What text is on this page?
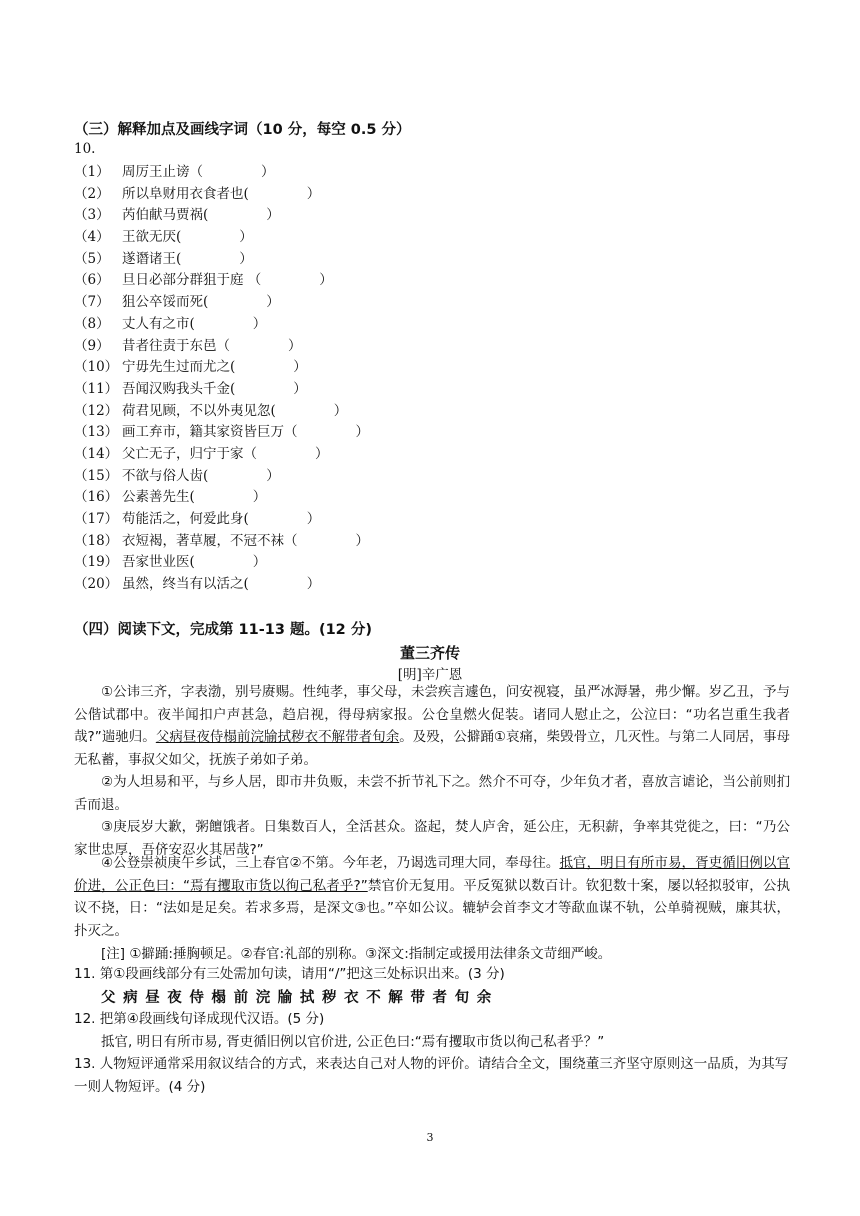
（三）解释加点及画线字词（10 分，每空 0.5 分）
10.
（1） 周厉王止谤（	）
（2） 所以阜财用衣食者也(	）
（3） 芮伯献马贾祸(	）
（4） 王欲无厌(	）
（5） 遂谮诸王(	）
（6） 旦日必部分群狙于庭 （	）
（7） 狙公卒馁而死(	）
（8） 丈人有之市(	）
（9） 昔者往责于东邑（	）
（10） 宁毋先生过而尤之(	）
（11） 吾闻汉购我头千金(	）
（12） 荷君见顾，不以外夷见忽(	）
（13） 画工弃市，籍其家资皆巨万（	）
（14） 父亡无子，归宁于家（	）
（15） 不欲与俗人齿(	）
（16） 公素善先生(	）
（17） 苟能活之，何爱此身(	）
（18） 衣短褐，著草履，不冠不袜（	）
（19） 吾家世业医(	）
（20） 虽然，终当有以活之(	）
（四）阅读下文，完成第 11-13 题。(12 分)
董三齐传
[明]辛广恩
①公讳三齐，字表渤，别号赓赐。性纯孝，事父母，未尝疾言遽色，问安视寝，虽严冰溽暑，弗少懈。岁乙丑，予与公偕试郡中。夜半闻扣户声甚急，趋启视，得母病家报。公仓皇燃火促装。诸同人慰止之，公泣曰：“功名岂重生我者哉?”遄驰归。父病昼夜侍榻前浣牏拭秽衣不解带者旬余。及殁，公擗踊①哀痛，柴毁骨立，几灭性。与第二人同居，事母无私蓄，事叔父如父，抚族子弟如子弟。
②为人坦易和平，与乡人居，即市井负贩，未尝不折节礼下之。然介不可夺，少年负才者，喜放言谑论，当公前则扪舌而退。
③庚辰岁大歉，粥饘饿者。日集数百人，全活甚众。盗起，焚人庐舍，延公庄，无积薪，争率其党徙之，曰：“乃公家世忠厚，吾侪安忍火其居哉?”
④公登崇祯庚午乡试，三上春官②不第。今年老，乃谒选司理大同，奉母往。抵官，明日有所市易，胥吏循旧例以官价进，公正色曰：“焉有攫取市货以徇己私者乎?”禁官价无复用。平反冤狱以数百计。钦犯数十案，屡以轻拟驳审，公执议不挠，日：“法如是足矣。若求多焉，是深文③也。”卒如公议。辘轳会首李文才等歃血谋不轨，公单骑视贼，廉其状，扑灭之。
[注] ①擗踊:捶胸顿足。②春官:礼部的别称。③深文:指制定或援用法律条文苛细严峻。
11. 第①段画线部分有三处需加句读，请用“/”把这三处标识出来。(3 分)
父病昼夜侍榻前浣牏拭秽衣不解带者旬余
12. 把第④段画线句译成现代汉语。(5 分)
抵官, 明日有所市易, 胥吏循旧例以官价进, 公正色曰:“焉有攫取市货以徇己私者乎？”
13. 人物短评通常采用叙议结合的方式，来表达自己对人物的评价。请结合全文，围绕董三齐坚守原则这一品质，为其写一则人物短评。(4 分)
3
